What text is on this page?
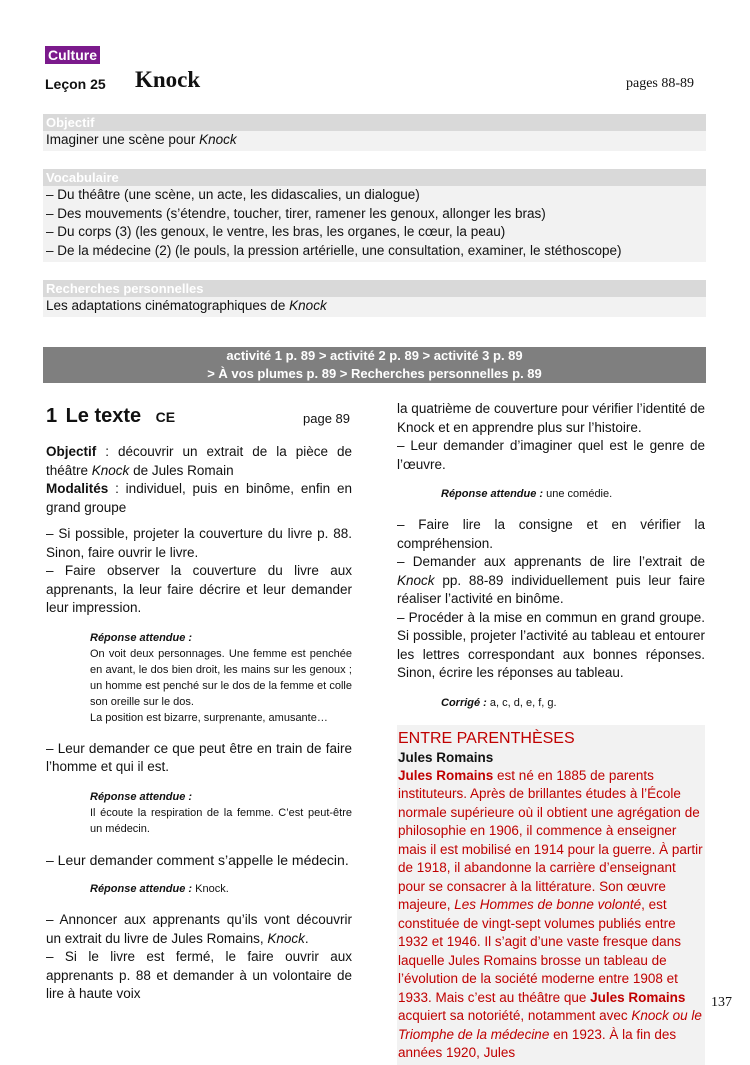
Culture
Leçon 25 Knock	pages 88-89
Objectif
Imaginer une scène pour Knock
Vocabulaire
– Du théâtre (une scène, un acte, les didascalies, un dialogue)
– Des mouvements (s’étendre, toucher, tirer, ramener les genoux, allonger les bras)
– Du corps (3) (les genoux, le ventre, les bras, les organes, le cœur, la peau)
– De la médecine (2) (le pouls, la pression artérielle, une consultation, examiner, le stéthoscope)
Recherches personnelles
Les adaptations cinématographiques de Knock
activité 1 p. 89 > activité 2 p. 89 > activité 3 p. 89
> À vos plumes p. 89 > Recherches personnelles p. 89
1 Le texte CE	page 89

Objectif : découvrir un extrait de la pièce de théâtre Knock de Jules Romain

Modalités : individuel, puis en binôme, enfin en grand groupe

– Si possible, projeter la couverture du livre p. 88. Sinon, faire ouvrir le livre.

– Faire observer la couverture du livre aux apprenants, la leur faire décrire et leur demander leur impression.

Réponse attendue :
On voit deux personnages. Une femme est penchée en avant, le dos bien droit, les mains sur les genoux ; un homme est penché sur le dos de la femme et colle son oreille sur le dos.
La position est bizarre, surprenante, amusante…

– Leur demander ce que peut être en train de faire l’homme et qui il est.

Réponse attendue :
Il écoute la respiration de la femme. C’est peut-être un médecin.

– Leur demander comment s’appelle le médecin.

Réponse attendue : Knock.

– Annoncer aux apprenants qu’ils vont découvrir un extrait du livre de Jules Romains, Knock.

– Si le livre est fermé, le faire ouvrir aux apprenants p. 88 et demander à un volontaire de lire à haute voix

la quatrième de couverture pour vérifier l’identité de Knock et en apprendre plus sur l’histoire.

– Leur demander d’imaginer quel est le genre de l’œuvre.

Réponse attendue : une comédie.

– Faire lire la consigne et en vérifier la compréhension.

– Demander aux apprenants de lire l’extrait de Knock pp. 88-89 individuellement puis leur faire réaliser l’activité en binôme.

– Procéder à la mise en commun en grand groupe. Si possible, projeter l’activité au tableau et entourer les lettres correspondant aux bonnes réponses. Sinon, écrire les réponses au tableau.

Corrigé : a, c, d, e, f, g.
ENTRE PARENTHÈSES
Jules Romains
Jules Romains est né en 1885 de parents instituteurs. Après de brillantes études à l’École normale supérieure où il obtient une agrégation de philosophie en 1906, il commence à enseigner mais il est mobilisé en 1914 pour la guerre. À partir de 1918, il abandonne la carrière d’enseignant pour se consacrer à la littérature. Son œuvre majeure, Les Hommes de bonne volonté, est constituée de vingt-sept volumes publiés entre 1932 et 1946. Il s’agit d’une vaste fresque dans laquelle Jules Romains brosse un tableau de l’évolution de la société moderne entre 1908 et 1933. Mais c’est au théâtre que Jules Romains acquiert sa notoriété, notamment avec Knock ou le Triomphe de la médecine en 1923. À la fin des années 1920, Jules
137
